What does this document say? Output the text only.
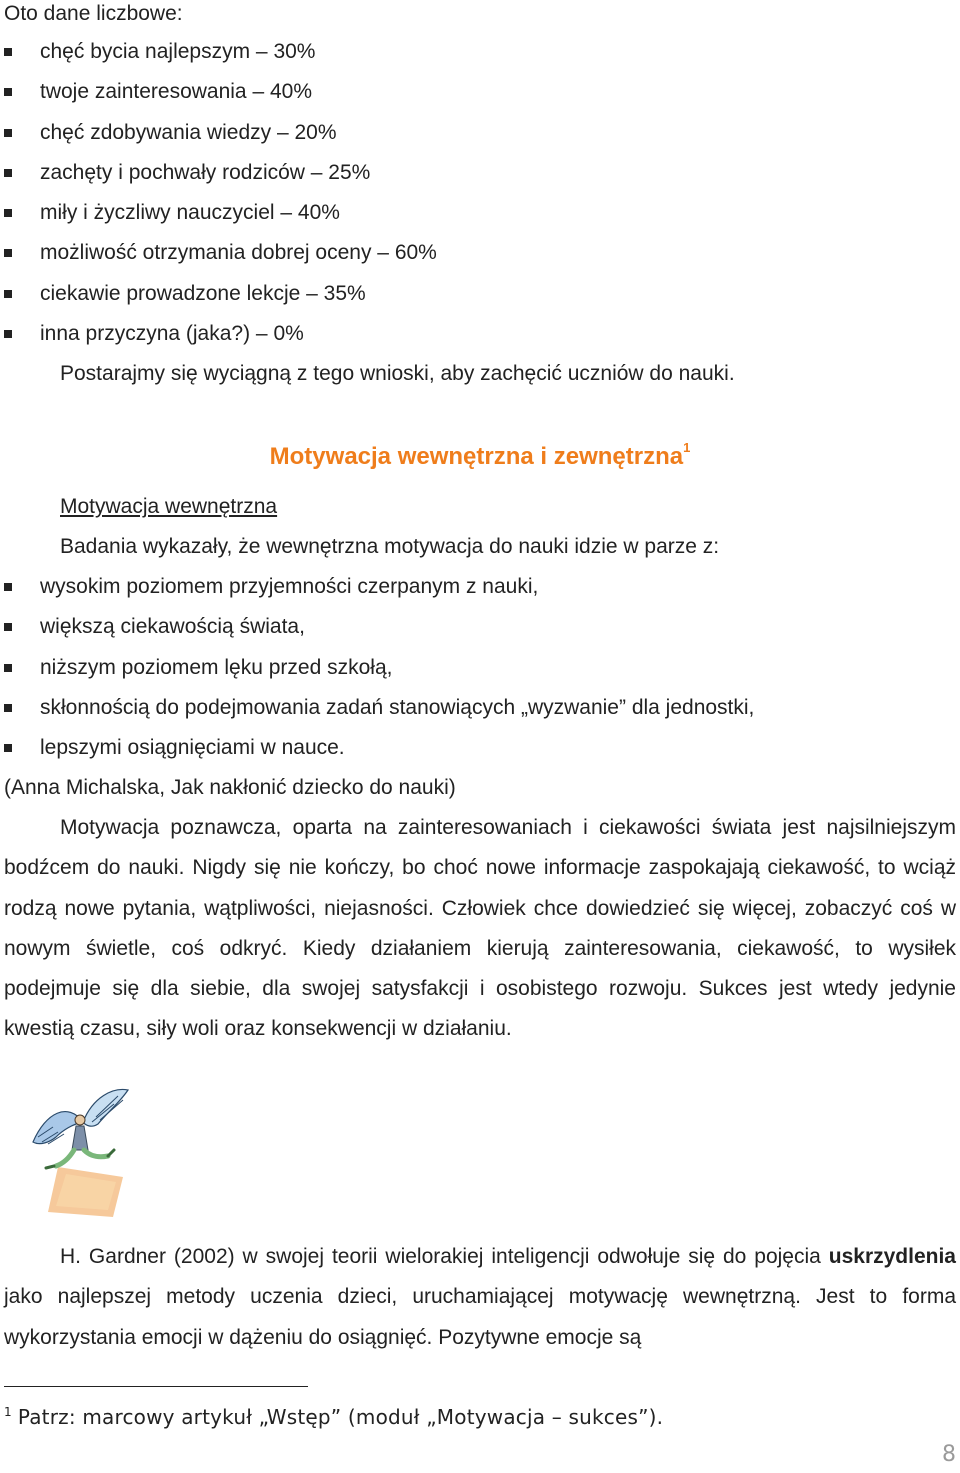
Oto dane liczbowe:
chęć bycia najlepszym – 30%
twoje zainteresowania – 40%
chęć zdobywania wiedzy – 20%
zachęty i pochwały rodziców – 25%
miły i życzliwy nauczyciel – 40%
możliwość otrzymania dobrej oceny – 60%
ciekawie prowadzone lekcje – 35%
inna przyczyna (jaka?) – 0%
Postarajmy się wyciągną z tego wnioski, aby zachęcić uczniów do nauki.
Motywacja wewnętrzna i zewnętrzna$^1$
Motywacja wewnętrzna
Badania wykazały, że wewnętrzna motywacja do nauki idzie w parze z:
wysokim poziomem przyjemności czerpanym z nauki,
większą ciekawością świata,
niższym poziomem lęku przed szkołą,
skłonnością do podejmowania zadań stanowiących „wyzwanie” dla jednostki,
lepszymi osiągnięciami w nauce.
(Anna Michalska, Jak nakłonić dziecko do nauki)

Motywacja poznawcza, oparta na zainteresowaniach i ciekawości świata jest najsilniejszym bodźcem do nauki. Nigdy się nie kończy, bo choć nowe informacje zaspokajają ciekawość, to wciąż rodzą nowe pytania, wątpliwości, niejasności. Człowiek chce dowiedzieć się więcej, zobaczyć coś w nowym świetle, coś odkryć. Kiedy działaniem kierują zainteresowania, ciekawość, to wysiłek podejmuje się dla siebie, dla swojej satysfakcji i osobistego rozwoju. Sukces jest wtedy jedynie kwestią czasu, siły woli oraz konsekwencji w działaniu.

H. Gardner (2002) w swojej teorii wielorakiej inteligencji odwołuje się do pojęcia uskrzydlenia jako najlepszej metody uczenia dzieci, uruchamiającej motywację wewnętrzną. Jest to forma wykorzystania emocji w dążeniu do osiągnięć. Pozytywne emocje są

$^1$ Patrz: marcowy artykuł „Wstęp” (moduł „Motywacja – sukces”).
8
